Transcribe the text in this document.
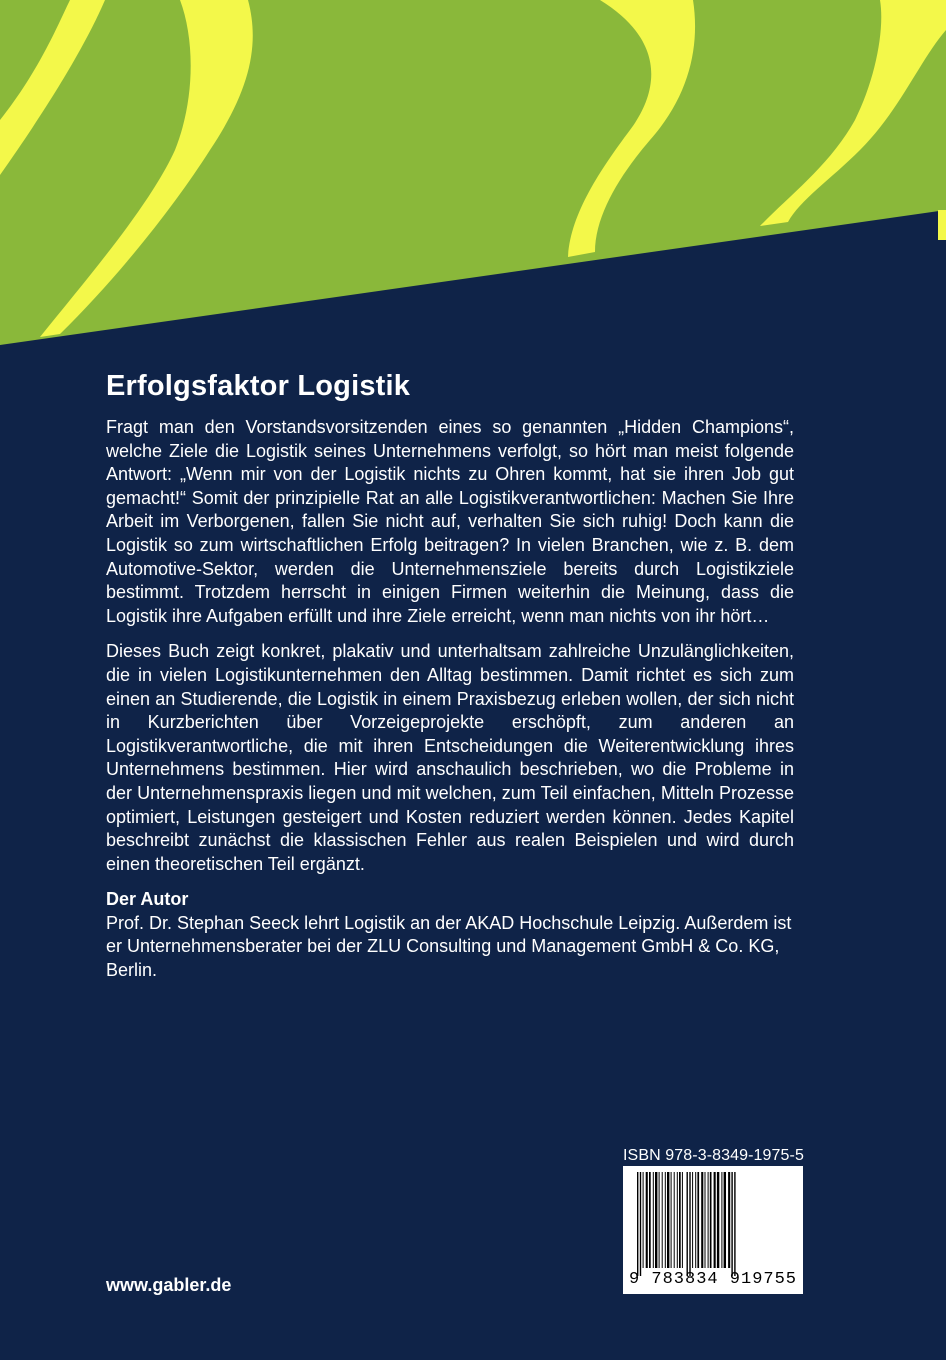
Erfolgsfaktor Logistik

Fragt man den Vorstandsvorsitzenden eines so genannten „Hidden Champions“, welche Ziele die Logistik seines Unternehmens verfolgt, so hört man meist folgende Antwort: „Wenn mir von der Logistik nichts zu Ohren kommt, hat sie ihren Job gut gemacht!“ Somit der prinzipielle Rat an alle Logistikverantwortlichen: Machen Sie Ihre Arbeit im Verborgenen, fallen Sie nicht auf, verhalten Sie sich ruhig! Doch kann die Logistik so zum wirtschaftlichen Erfolg beitragen? In vielen Branchen, wie z. B. dem Automotive-Sektor, werden die Unternehmensziele bereits durch Logistikziele bestimmt. Trotzdem herrscht in einigen Firmen weiterhin die Meinung, dass die Logistik ihre Aufgaben erfüllt und ihre Ziele erreicht, wenn man nichts von ihr hört…

Dieses Buch zeigt konkret, plakativ und unterhaltsam zahlreiche Unzulänglichkeiten, die in vielen Logistikunternehmen den Alltag bestimmen. Damit richtet es sich zum einen an Studierende, die Logistik in einem Praxisbezug erleben wollen, der sich nicht in Kurzberichten über Vorzeigeprojekte erschöpft, zum anderen an Logistikverantwortliche, die mit ihren Entscheidungen die Weiterentwicklung ihres Unternehmens bestimmen. Hier wird anschaulich beschrieben, wo die Probleme in der Unternehmenspraxis liegen und mit welchen, zum Teil einfachen, Mitteln Prozesse optimiert, Leistungen gesteigert und Kosten reduziert werden können. Jedes Kapitel beschreibt zunächst die klassischen Fehler aus realen Beispielen und wird durch einen theoretischen Teil ergänzt.

Der Autor

Prof. Dr. Stephan Seeck lehrt Logistik an der AKAD Hochschule Leipzig. Außerdem ist er Unternehmensberater bei der ZLU Consulting und Management GmbH & Co. KG, Berlin.

www.gabler.de
ISBN 978-3-8349-1975-5
9 783834 919755
